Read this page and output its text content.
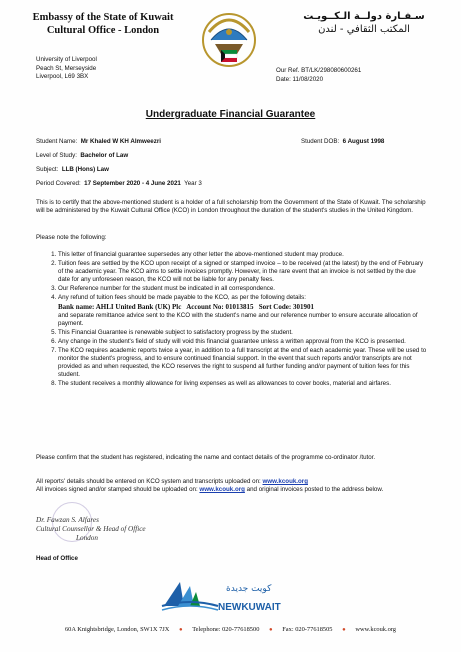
Embassy of the State of Kuwait
Cultural Office - London
سـفـارة دولــة الـكــويـت
المكتب الثقافي - لندن
University of Liverpool
Peach St, Merseyside
Liverpool, L69 3BX
Our Ref. BT/LK/298080600261
Date: 11/08/2020
Undergraduate Financial Guarantee
Student Name: Mr Khaled W KH Almweezri	Student DOB: 6 August 1998
Level of Study: Bachelor of Law
Subject: LLB (Hons) Law
Period Covered: 17 September 2020 - 4 June 2021 Year 3

This is to certify that the above-mentioned student is a holder of a full scholarship from the Government of the State of Kuwait. The scholarship will be administered by the Kuwait Cultural Office (KCO) in London throughout the duration of the student's studies in the United Kingdom.

Please note the following:

1. This letter of financial guarantee supersedes any other letter the above-mentioned student may produce.
2. Tuition fees are settled by the KCO upon receipt of a signed or stamped invoice – to be received (at the latest) by the end of February of the academic year. The KCO aims to settle invoices promptly. However, in the rare event that an invoice is not settled by the due date for any unforeseen reason, the KCO will not be liable for any penalty fees.
3. Our Reference number for the student must be indicated in all correspondence.
4. Any refund of tuition fees should be made payable to the KCO, as per the following details:
Bank name: AHLI United Bank (UK) Plc Account No: 01013815 Sort Code: 301901
and separate remittance advice sent to the KCO with the student's name and our reference number to ensure accurate allocation of payment.
5. This Financial Guarantee is renewable subject to satisfactory progress by the student.
6. Any change in the student's field of study will void this financial guarantee unless a written approval from the KCO is presented.
7. The KCO requires academic reports twice a year, in addition to a full transcript at the end of each academic year. These will be used to monitor the student's progress, and to ensure continued financial support. In the event that such reports and/or transcripts are not provided as and when requested, the KCO reserves the right to suspend all further funding and/or payment of tuition fees for this student.
8. The student receives a monthly allowance for living expenses as well as allowances to cover books, material and airfares.

Please confirm that the student has registered, indicating the name and contact details of the programme co-ordinator /tutor.

All reports' details should be entered on KCO system and transcripts uploaded on: www.kcouk.org

All invoices signed and/or stamped should be uploaded on: www.kcouk.org and original invoices posted to the address below.

Dr. Fawzan S. Alfares
Cultural Counsellor & Head of Office
London
Head of Office
كويت جديدة
NEWKUWAIT
60A Knightsbridge, London, SW1X 7JX ● Telephone: 020-77618500 ● Fax: 020-77618505 ● www.kcouk.org
